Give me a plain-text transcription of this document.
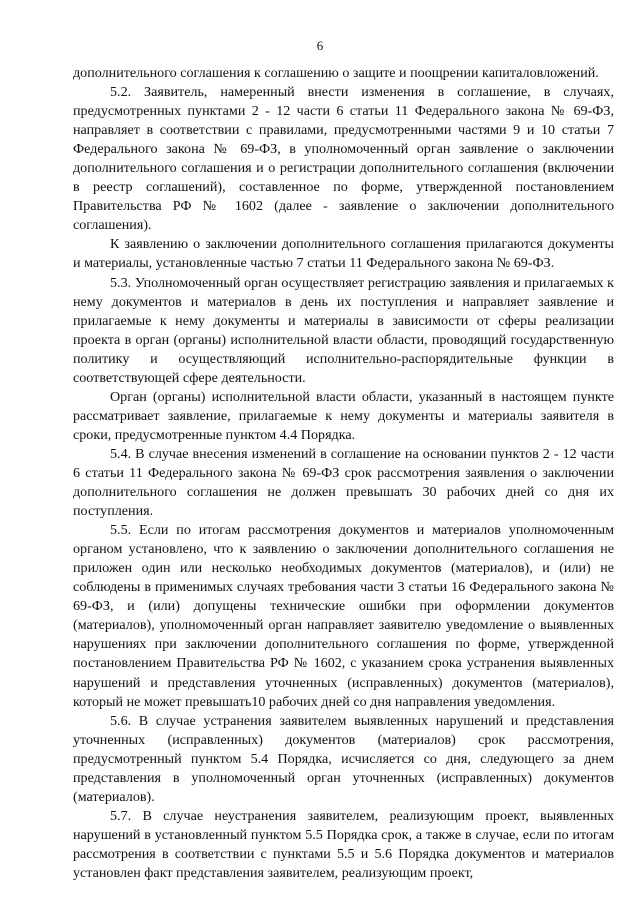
6

дополнительного соглашения к соглашению о защите и поощрении капиталовложений.

5.2. Заявитель, намеренный внести изменения в соглашение, в случаях, предусмотренных пунктами 2 - 12 части 6 статьи 11 Федерального закона № 69-ФЗ, направляет в соответствии с правилами, предусмотренными частями 9 и 10 статьи 7 Федерального закона № 69-ФЗ, в уполномоченный орган заявление о заключении дополнительного соглашения и о регистрации дополнительного соглашения (включении в реестр соглашений), составленное по форме, утвержденной постановлением Правительства РФ № 1602 (далее - заявление о заключении дополнительного соглашения).

К заявлению о заключении дополнительного соглашения прилагаются документы и материалы, установленные частью 7 статьи 11 Федерального закона № 69-ФЗ.

5.3. Уполномоченный орган осуществляет регистрацию заявления и прилагаемых к нему документов и материалов в день их поступления и направляет заявление и прилагаемые к нему документы и материалы в зависимости от сферы реализации проекта в орган (органы) исполнительной власти области, проводящий государственную политику и осуществляющий исполнительно-распорядительные функции в соответствующей сфере деятельности.

Орган (органы) исполнительной власти области, указанный в настоящем пункте рассматривает заявление, прилагаемые к нему документы и материалы заявителя в сроки, предусмотренные пунктом 4.4 Порядка.

5.4. В случае внесения изменений в соглашение на основании пунктов 2 - 12 части 6 статьи 11 Федерального закона № 69-ФЗ срок рассмотрения заявления о заключении дополнительного соглашения не должен превышать 30 рабочих дней со дня их поступления.

5.5. Если по итогам рассмотрения документов и материалов уполномоченным органом установлено, что к заявлению о заключении дополнительного соглашения не приложен один или несколько необходимых документов (материалов), и (или) не соблюдены в применимых случаях требования части 3 статьи 16 Федерального закона № 69-ФЗ, и (или) допущены технические ошибки при оформлении документов (материалов), уполномоченный орган направляет заявителю уведомление о выявленных нарушениях при заключении дополнительного соглашения по форме, утвержденной постановлением Правительства РФ № 1602, с указанием срока устранения выявленных нарушений и представления уточненных (исправленных) документов (материалов), который не может превышать10 рабочих дней со дня направления уведомления.

5.6. В случае устранения заявителем выявленных нарушений и представления уточненных (исправленных) документов (материалов) срок рассмотрения, предусмотренный пунктом 5.4 Порядка, исчисляется со дня, следующего за днем представления в уполномоченный орган уточненных (исправленных) документов (материалов).

5.7. В случае неустранения заявителем, реализующим проект, выявленных нарушений в установленный пунктом 5.5 Порядка срок, а также в случае, если по итогам рассмотрения в соответствии с пунктами 5.5 и 5.6 Порядка документов и материалов установлен факт представления заявителем, реализующим проект,
